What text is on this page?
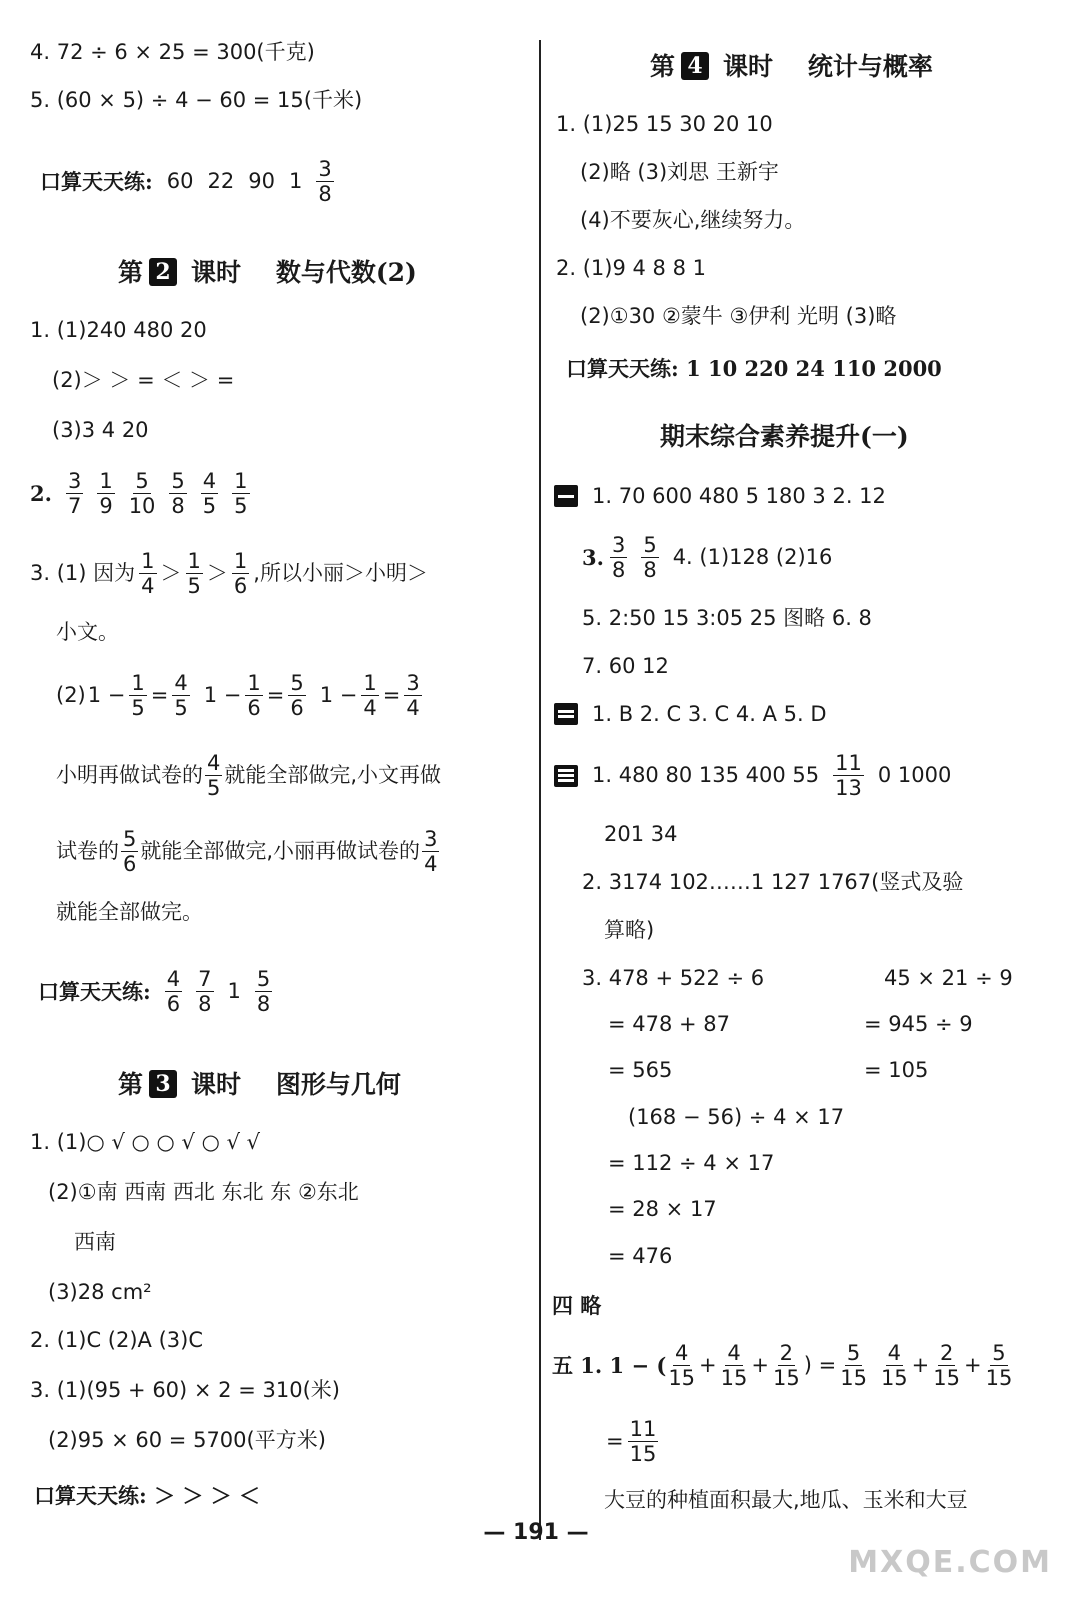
4. 72 ÷ 6 × 25 = 300(千克)
5. (60 × 5) ÷ 4 − 60 = 15(千米)
口算天天练: 60 22 90 $1 \frac{3}{8}$
第 2 课时    数与代数(2)
1. (1)240 480 20
(2)＞ ＞ = ＜ ＞ =
(3)3 4 20
2. $\frac{3}{7} \frac{1}{9} \frac{5}{10} \frac{5}{8} \frac{4}{5} \frac{1}{5}$
3. (1) 因为 $\frac{1}{4} > \frac{1}{5} > \frac{1}{6}$ ,所以小丽＞小明＞
小文。
(2) $1 - \frac{1}{5} = \frac{4}{5} 1 - \frac{1}{6} = \frac{5}{6} 1 - \frac{1}{4} = \frac{3}{4}$
小明再做试卷的 $\frac{4}{5}$ 就能全部做完,小文再做
试卷的 $\frac{5}{6}$ 就能全部做完,小丽再做试卷的 $\frac{3}{4}$
就能全部做完。
口算天天练: $\frac{4}{6} \frac{7}{8} 1 \frac{5}{8}$
第 3 课时    图形与几何
1. (1)○ √ ○ ○ √ ○ √ √
(2)①南 西南 西北 东北 东 ②东北
西南
(3)28 cm²
2. (1)C (2)A (3)C
3. (1)(95 + 60) × 2 = 310(米)
(2)95 × 60 = 5700(平方米)
口算天天练: ＞ ＞ ＞ ＜
第 4 课时    统计与概率
1. (1)25 15 30 20 10
(2)略 (3)刘思 王新宇
(4)不要灰心,继续努力。
2. (1)9 4 8 8 1
(2)①30 ②蒙牛 ③伊利 光明 (3)略
口算天天练: 1 10 220 24 110 2000
期末综合素养提升(一)
1. 70 600 480 5 180 3 2. 12
3. $\frac{3}{8} \frac{5}{8} 4$. (1)128 (2)16
5. 2:50 15 3:05 25 图略 6. 8
7. 60 12
1. B 2. C 3. C 4. A 5. D
1. 480 80 135 400 $55 \frac{11}{13} 0$ 1000
201 34
2. 3174 102……1 127 1767(竖式及验
算略)
3. 478 + 522 ÷ 6	45 × 21 ÷ 9
= 478 + 87	= 945 ÷ 9
= 565	= 105
(168 − 56) ÷ 4 × 17
= 112 ÷ 4 × 17
= 28 × 17
= 476
四 略
五 1. 1 − ( $\frac{4}{15} + \frac{4}{15} + \frac{2}{15}$ ) = $\frac{5}{15} \frac{4}{15} + \frac{2}{15} + \frac{5}{15}$
= $\frac{11}{15}$
大豆的种植面积最大,地瓜、玉米和大豆
— 191 —
MXQE.COM
